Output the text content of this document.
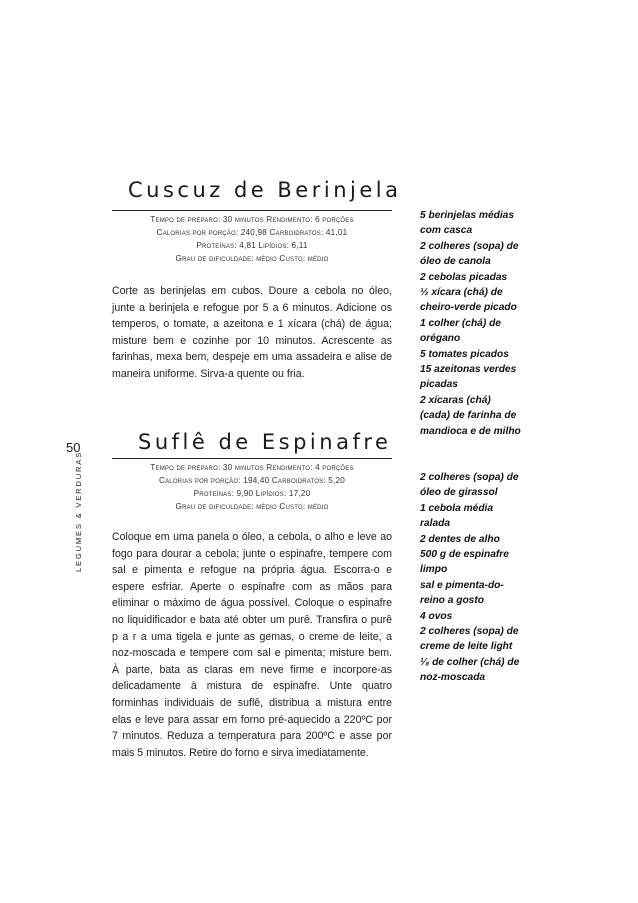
50
LEGUMES & VERDURAS
Cuscuz de Berinjela
Tempo de preparo: 30 minutos Rendimento: 6 porções
Calorias por porção: 240,98 Carboidratos: 41,01
Proteínas: 4,81 Lipídios: 6,11
Grau de dificuldade: médio Custo: médio
Corte as berinjelas em cubos. Doure a cebola no óleo, junte a berinjela e refogue por 5 a 6 minutos. Adicione os temperos, o tomate, a azeitona e 1 xícara (chá) de água; misture bem e cozinhe por 10 minutos. Acrescente as farinhas, mexa bem, despeje em uma assadeira e alise de maneira uniforme. Sirva-a quente ou fria.
5 berinjelas médias
com casca
2 colheres (sopa) de
óleo de canola
2 cebolas picadas
½ xícara (chá) de
cheiro-verde picado
1 colher (chá) de
orégano
5 tomates picados
15 azeitonas verdes
picadas
2 xícaras (chá)
(cada) de farinha de
mandioca e de milho
Suflê de Espinafre
Tempo de preparo: 30 minutos Rendimento: 4 porções
Calorias por porção: 194,40 Carboidratos: 5,20
Proteínas: 9,90 Lipídios: 17,20
Grau de dificuldade: médio Custo: médio
Coloque em uma panela o óleo, a cebola, o alho e leve ao fogo para dourar a cebola; junte o espinafre, tempere com sal e pimenta e refogue na própria água. Escorra-o e espere esfriar. Aperte o espinafre com as mãos para eliminar o máximo de água possível. Coloque o espinafre no liquidificador e bata até obter um purê. Transfira o purê p a r a uma tigela e junte as gemas, o creme de leite, a noz-moscada e tempere com sal e pimenta; misture bem. À parte, bata as claras em neve firme e incorpore-as delicadamente à mistura de espinafre. Unte quatro forminhas individuais de suflê, distribua a mistura entre elas e leve para assar em forno pré-aquecido a 220ºC por 7 minutos. Reduza a temperatura para 200ºC e asse por mais 5 minutos. Retire do forno e sirva imediatamente.
2 colheres (sopa) de
óleo de girassol
1 cebola média
ralada
2 dentes de alho
500 g de espinafre
limpo
sal e pimenta-do-
reino a gosto
4 ovos
2 colheres (sopa) de
creme de leite light
¹⁄₈ de colher (chá) de
noz-moscada
